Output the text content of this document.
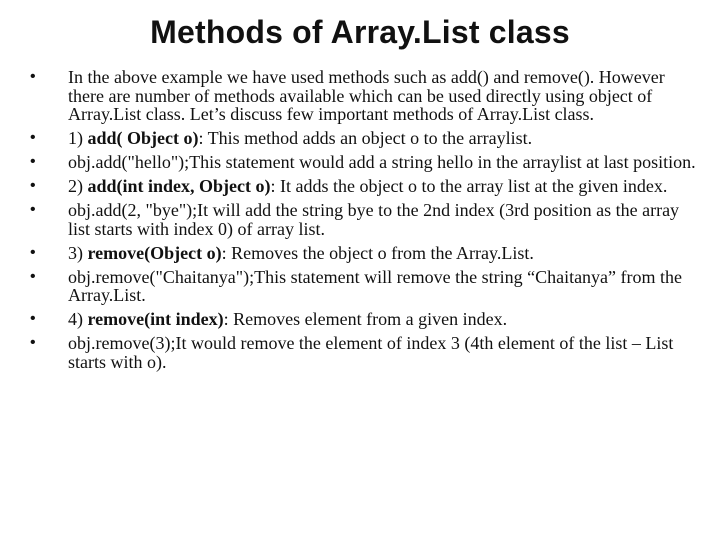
Methods of Array.List class
•	In the above example we have used methods such as add() and remove(). However there are number of methods available which can be used directly using object of Array.List class. Let’s discuss few important methods of Array.List class.
•	1) add( Object o): This method adds an object o to the arraylist.
•	obj.add("hello");This statement would add a string hello in the arraylist at last position.
•	2) add(int index, Object o): It adds the object o to the array list at the given index.
•	obj.add(2, "bye");It will add the string bye to the 2nd index (3rd position as the array list starts with index 0) of array list.
•	3) remove(Object o): Removes the object o from the Array.List.
•	obj.remove("Chaitanya");This statement will remove the string “Chaitanya” from the Array.List.
•	4) remove(int index): Removes element from a given index.
•	obj.remove(3);It would remove the element of index 3 (4th element of the list – List starts with o).
